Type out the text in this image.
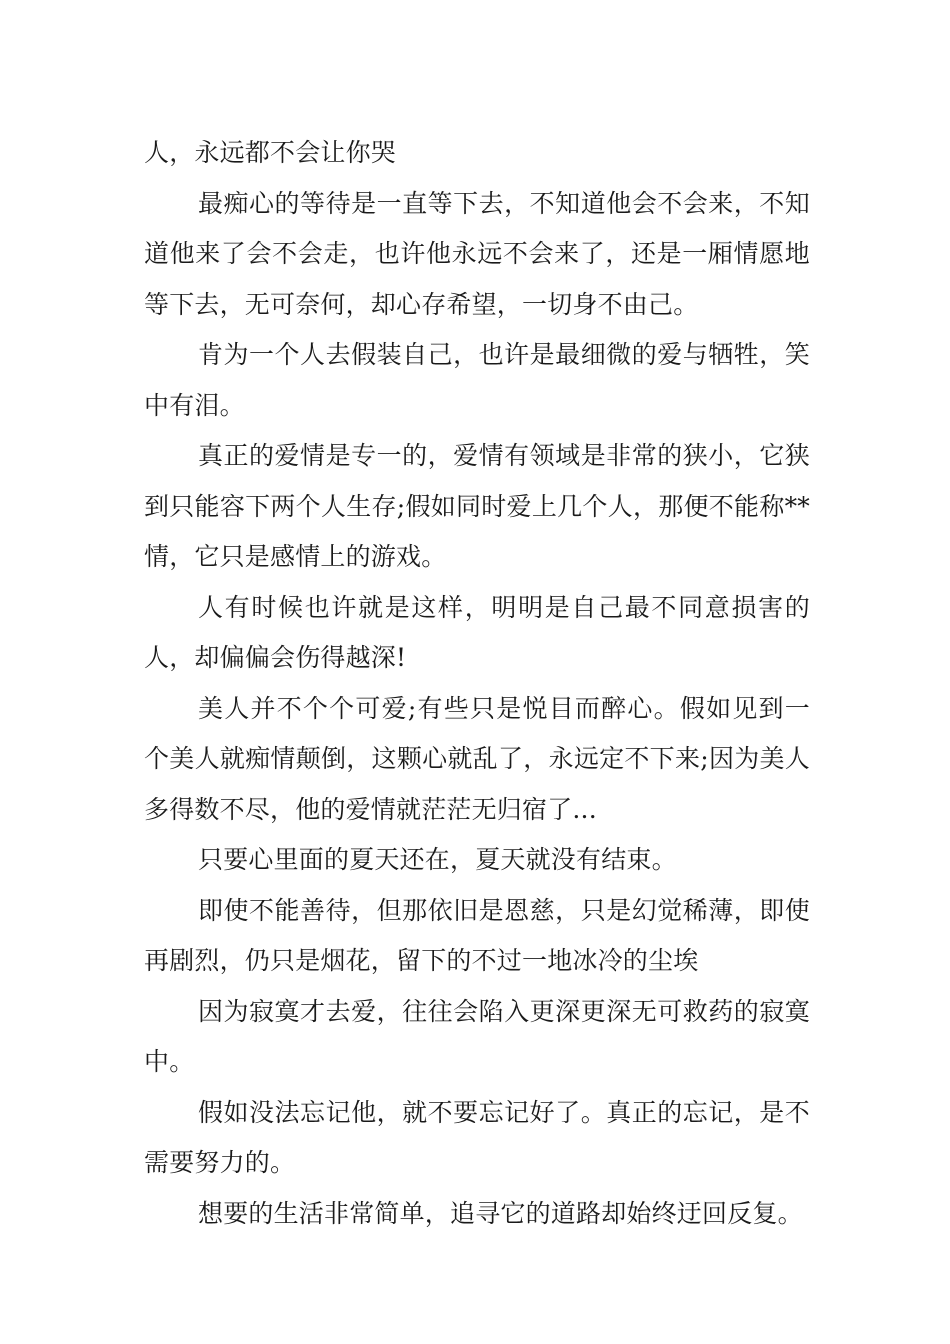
人，永远都不会让你哭

最痴心的等待是一直等下去，不知道他会不会来，不知道他来了会不会走，也许他永远不会来了，还是一厢情愿地等下去，无可奈何，却心存希望，一切身不由己。

肯为一个人去假装自己，也许是最细微的爱与牺牲，笑中有泪。

真正的爱情是专一的，爱情有领域是非常的狭小，它狭到只能容下两个人生存;假如同时爱上几个人，那便不能称**情，它只是感情上的游戏。

人有时候也许就是这样，明明是自己最不同意损害的人，却偏偏会伤得越深!

美人并不个个可爱;有些只是悦目而醉心。假如见到一个美人就痴情颠倒，这颗心就乱了，永远定不下来;因为美人多得数不尽，他的爱情就茫茫无归宿了...

只要心里面的夏天还在，夏天就没有结束。

即使不能善待，但那依旧是恩慈，只是幻觉稀薄，即使再剧烈，仍只是烟花，留下的不过一地冰冷的尘埃

因为寂寞才去爱，往往会陷入更深更深无可救药的寂寞中。

假如没法忘记他，就不要忘记好了。真正的忘记，是不需要努力的。

想要的生活非常简单，追寻它的道路却始终迂回反复。
